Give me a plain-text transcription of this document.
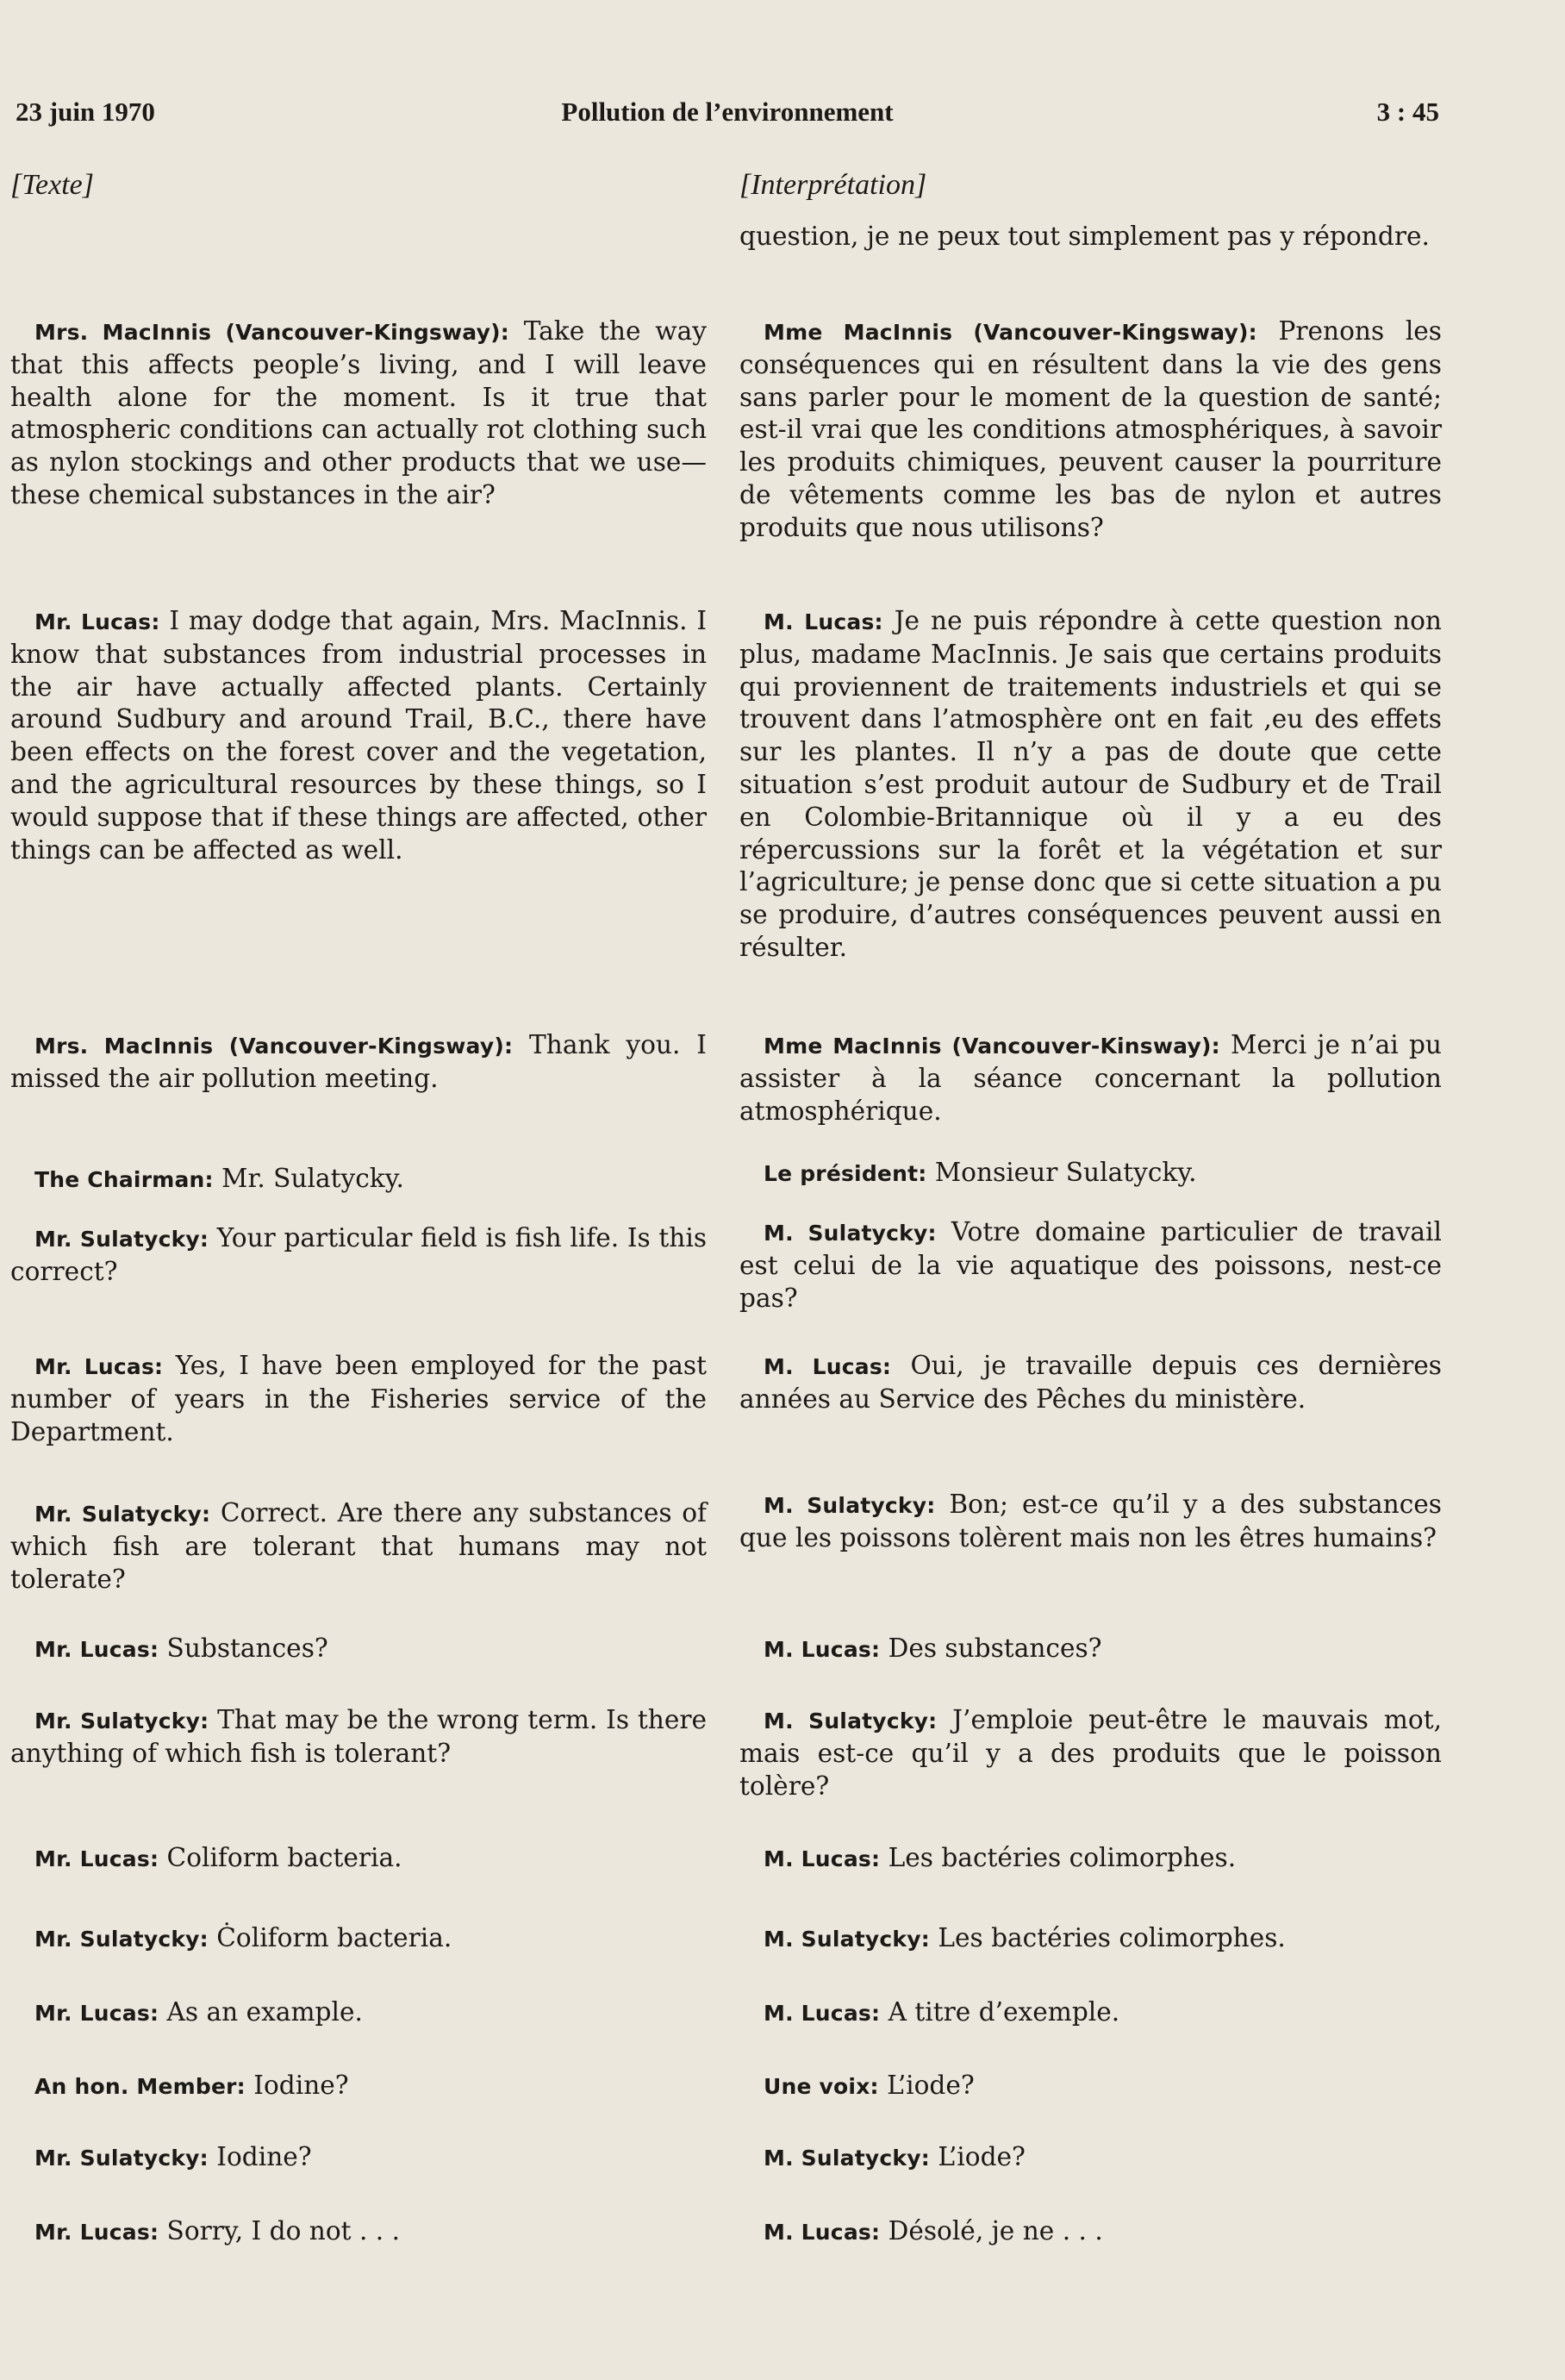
23 juin 1970	Pollution de l’environnement	3 : 45

[Texte]

Mrs. MacInnis (Vancouver-Kingsway): Take the way that this affects people’s living, and I will leave health alone for the moment. Is it true that atmospheric conditions can actually rot clothing such as nylon stockings and other products that we use—these chemical substances in the air?

Mr. Lucas: I may dodge that again, Mrs. MacInnis. I know that substances from industrial processes in the air have actually affected plants. Certainly around Sudbury and around Trail, B.C., there have been effects on the forest cover and the vegetation, and the agricultural resources by these things, so I would suppose that if these things are affected, other things can be affected as well.

Mrs. MacInnis (Vancouver-Kingsway): Thank you. I missed the air pollution meeting.

The Chairman: Mr. Sulatycky.

Mr. Sulatycky: Your particular field is fish life. Is this correct?

Mr. Lucas: Yes, I have been employed for the past number of years in the Fisheries service of the Department.

Mr. Sulatycky: Correct. Are there any substances of which fish are tolerant that humans may not tolerate?

Mr. Lucas: Substances?

Mr. Sulatycky: That may be the wrong term. Is there anything of which fish is tolerant?

Mr. Lucas: Coliform bacteria.

Mr. Sulatycky: Ċoliform bacteria.

Mr. Lucas: As an example.

An hon. Member: Iodine?

Mr. Sulatycky: Iodine?

Mr. Lucas: Sorry, I do not . . .

[Interprétation]

question, je ne peux tout simplement pas y répondre.

Mme MacInnis (Vancouver-Kingsway): Prenons les conséquences qui en résultent dans la vie des gens sans parler pour le moment de la question de santé; est-il vrai que les conditions atmosphériques, à savoir les produits chimiques, peuvent causer la pourriture de vêtements comme les bas de nylon et autres produits que nous utilisons?

M. Lucas: Je ne puis répondre à cette question non plus, madame MacInnis. Je sais que certains produits qui proviennent de traitements industriels et qui se trouvent dans l’atmosphère ont en fait ,eu des effets sur les plantes. Il n’y a pas de doute que cette situation s’est produit autour de Sudbury et de Trail en Colombie-Britannique où il y a eu des répercussions sur la forêt et la végétation et sur l’agriculture; je pense donc que si cette situation a pu se produire, d’autres conséquences peuvent aussi en résulter.

Mme MacInnis (Vancouver-Kinsway): Merci je n’ai pu assister à la séance concernant la pollution atmosphérique.

Le président: Monsieur Sulatycky.

M. Sulatycky: Votre domaine particulier de travail est celui de la vie aquatique des poissons, nest-ce pas?

M. Lucas: Oui, je travaille depuis ces dernières années au Service des Pêches du ministère.

M. Sulatycky: Bon; est-ce qu’il y a des substances que les poissons tolèrent mais non les êtres humains?

M. Lucas: Des substances?

M. Sulatycky: J’emploie peut-être le mauvais mot, mais est-ce qu’il y a des produits que le poisson tolère?

M. Lucas: Les bactéries colimorphes.

M. Sulatycky: Les bactéries colimorphes.

M. Lucas: A titre d’exemple.

Une voix: L’iode?

M. Sulatycky: L’iode?

M. Lucas: Désolé, je ne . . .
